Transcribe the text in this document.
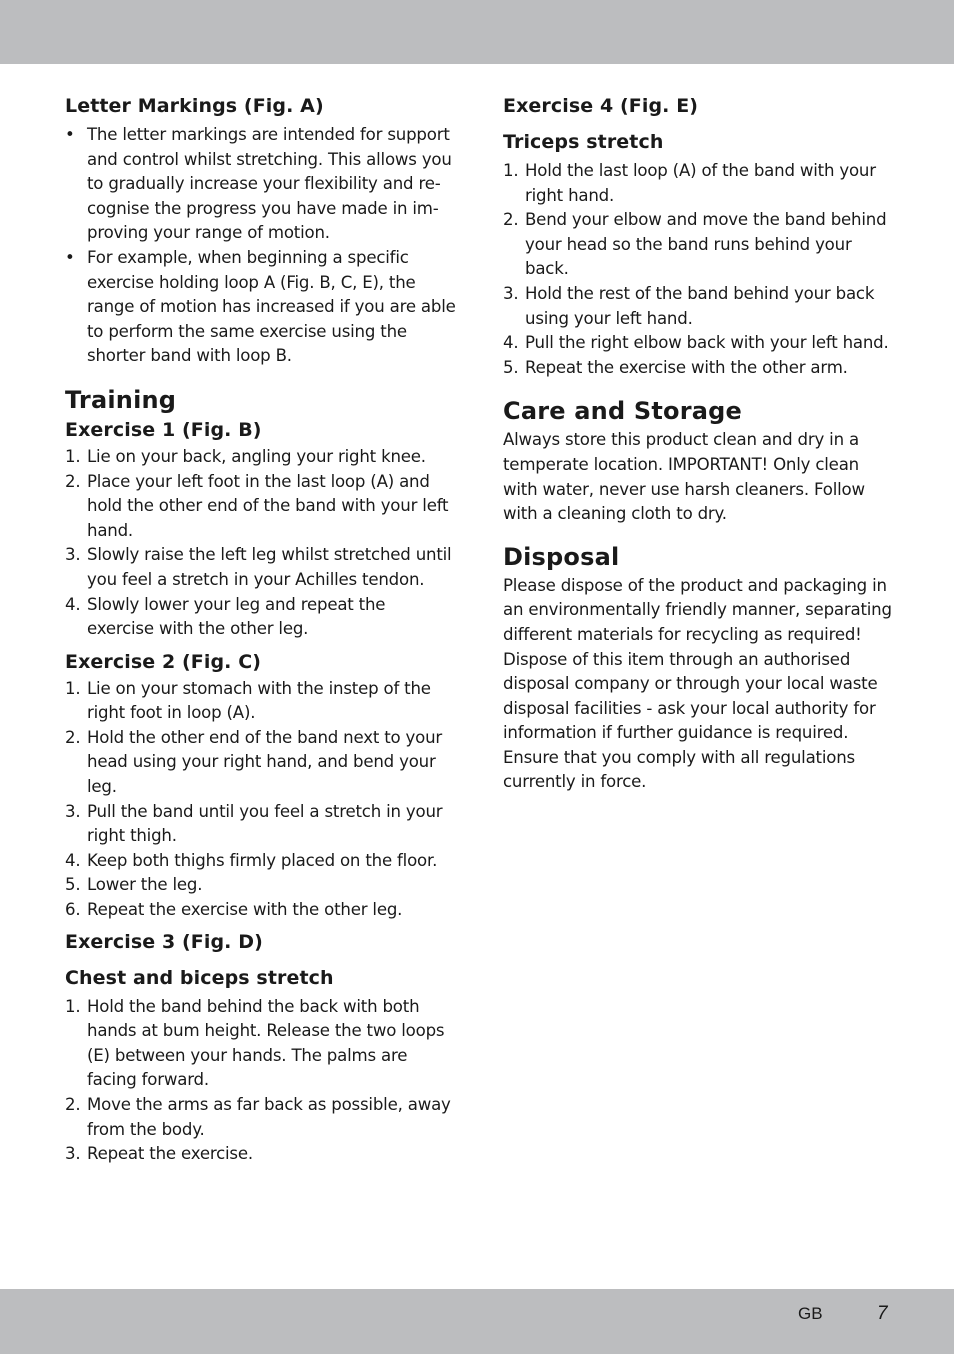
Letter Markings (Fig. A)
• The letter markings are intended for support and control whilst stretching. This allows you to gradually increase your flexibility and recognise the progress you have made in improving your range of motion.
• For example, when beginning a specific exercise holding loop A (Fig. B, C, E), the range of motion has increased if you are able to perform the same exercise using the shorter band with loop B.
Training
Exercise 1 (Fig. B)
1. Lie on your back, angling your right knee.
2. Place your left foot in the last loop (A) and hold the other end of the band with your left hand.
3. Slowly raise the left leg whilst stretched until you feel a stretch in your Achilles tendon.
4. Slowly lower your leg and repeat the exercise with the other leg.
Exercise 2 (Fig. C)
1. Lie on your stomach with the instep of the right foot in loop (A).
2. Hold the other end of the band next to your head using your right hand, and bend your leg.
3. Pull the band until you feel a stretch in your right thigh.
4. Keep both thighs firmly placed on the floor.
5. Lower the leg.
6. Repeat the exercise with the other leg.
Exercise 3 (Fig. D)
Chest and biceps stretch
1. Hold the band behind the back with both hands at bum height. Release the two loops (E) between your hands. The palms are facing forward.
2. Move the arms as far back as possible, away from the body.
3. Repeat the exercise.
Exercise 4 (Fig. E)
Triceps stretch
1. Hold the last loop (A) of the band with your right hand.
2. Bend your elbow and move the band behind your head so the band runs behind your back.
3. Hold the rest of the band behind your back using your left hand.
4. Pull the right elbow back with your left hand.
5. Repeat the exercise with the other arm.
Care and Storage

Always store this product clean and dry in a temperate location. IMPORTANT! Only clean with water, never use harsh cleaners. Follow with a cleaning cloth to dry.

Disposal

Please dispose of the product and packaging in an environmentally friendly manner, separating different materials for recycling as required! Dispose of this item through an authorised disposal company or through your local waste disposal facilities - ask your local authority for information if further guidance is required. Ensure that you comply with all regulations currently in force.

GB	7
